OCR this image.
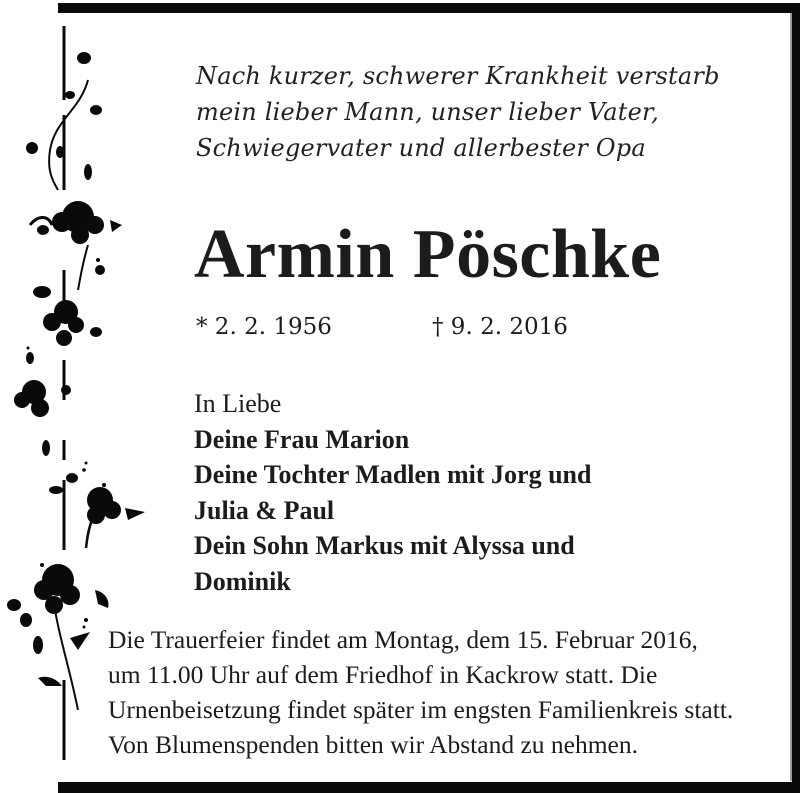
Nach kurzer, schwerer Krankheit verstarb
mein lieber Mann, unser lieber Vater,
Schwiegervater und allerbester Opa
Armin Pöschke
* 2. 2. 1956	† 9. 2. 2016
In Liebe
Deine Frau Marion
Deine Tochter Madlen mit Jorg und
Julia & Paul
Dein Sohn Markus mit Alyssa und
Dominik
Die Trauerfeier findet am Montag, dem 15. Februar 2016,
um 11.00 Uhr auf dem Friedhof in Kackrow statt. Die
Urnenbeisetzung findet später im engsten Familienkreis statt.
Von Blumenspenden bitten wir Abstand zu nehmen.
